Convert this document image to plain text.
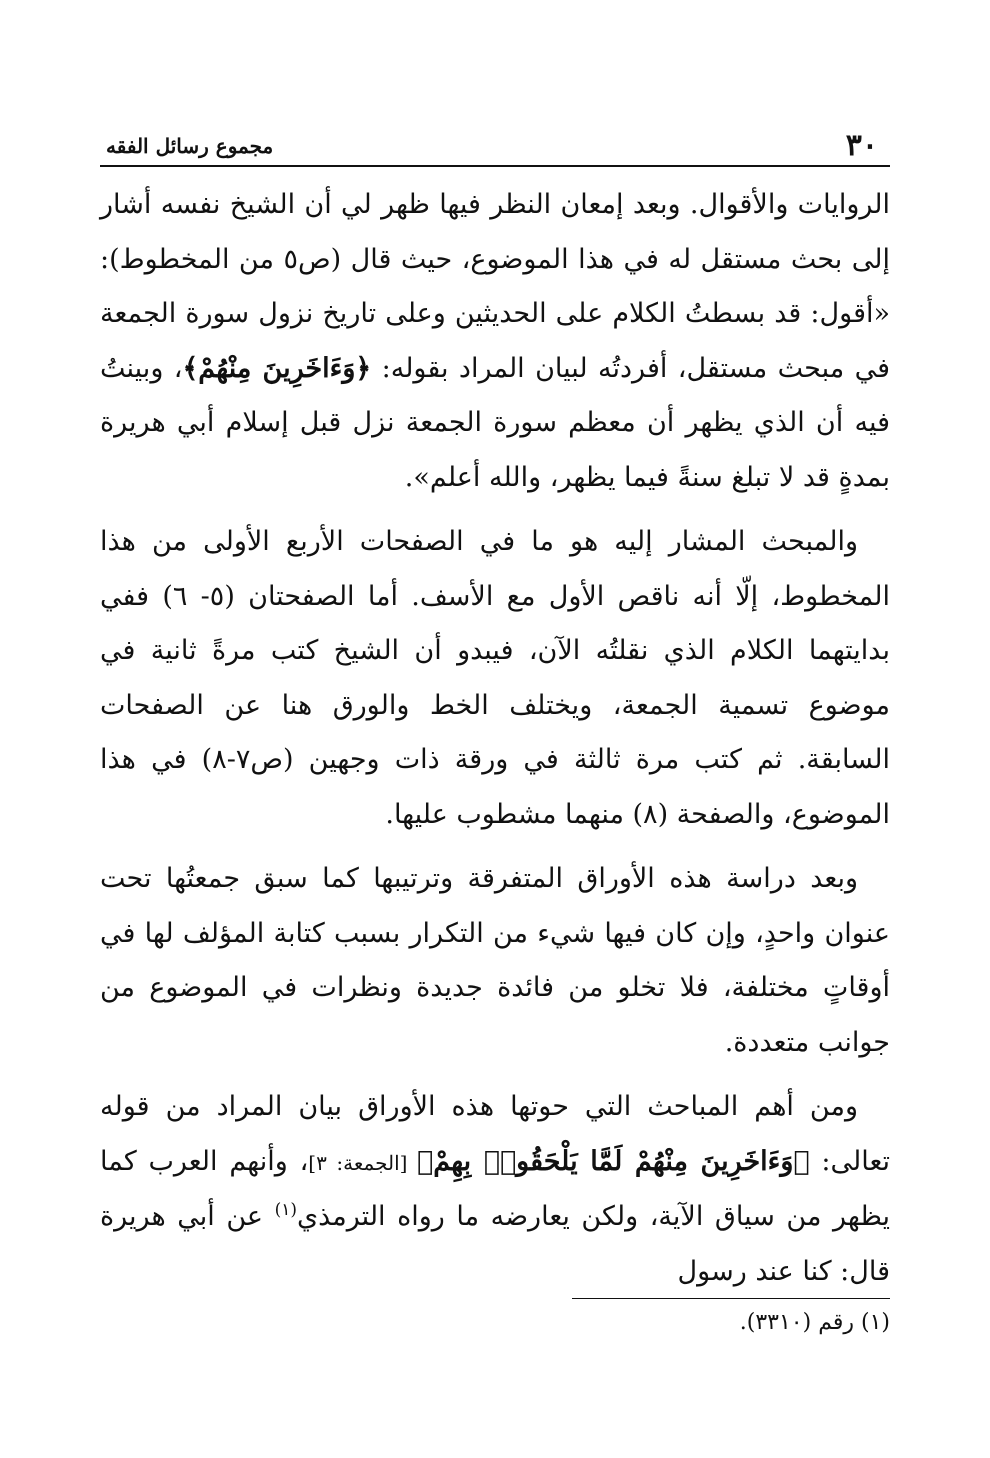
٣٠
مجموع رسائل الفقه

الروايات والأقوال. وبعد إمعان النظر فيها ظهر لي أن الشيخ نفسه أشار إلى بحث مستقل له في هذا الموضوع، حيث قال (ص٥ من المخطوط): «أقول: قد بسطتُ الكلام على الحديثين وعلى تاريخ نزول سورة الجمعة في مبحث مستقل، أفردتُه لبيان المراد بقوله: ﴿وَءَاخَرِينَ مِنْهُمْ﴾، وبينتُ فيه أن الذي يظهر أن معظم سورة الجمعة نزل قبل إسلام أبي هريرة بمدةٍ قد لا تبلغ سنةً فيما يظهر، والله أعلم».

والمبحث المشار إليه هو ما في الصفحات الأربع الأولى من هذا المخطوط، إلّا أنه ناقص الأول مع الأسف. أما الصفحتان (٥- ٦) ففي بدايتهما الكلام الذي نقلتُه الآن، فيبدو أن الشيخ كتب مرةً ثانية في موضوع تسمية الجمعة، ويختلف الخط والورق هنا عن الصفحات السابقة. ثم كتب مرة ثالثة في ورقة ذات وجهين (ص٧-٨) في هذا الموضوع، والصفحة (٨) منهما مشطوب عليها.

وبعد دراسة هذه الأوراق المتفرقة وترتيبها كما سبق جمعتُها تحت عنوان واحدٍ، وإن كان فيها شيء من التكرار بسبب كتابة المؤلف لها في أوقاتٍ مختلفة، فلا تخلو من فائدة جديدة ونظرات في الموضوع من جوانب متعددة.

ومن أهم المباحث التي حوتها هذه الأوراق بيان المراد من قوله تعالى: ﴿وَءَاخَرِينَ مِنْهُمْ لَمَّا يَلْحَقُوا۟ بِهِمْ﴾ [الجمعة: ٣]، وأنهم العرب كما يظهر من سياق الآية، ولكن يعارضه ما رواه الترمذي$^{(١)}$ عن أبي هريرة قال: كنا عند رسول

(١) رقم (٣٣١٠).
